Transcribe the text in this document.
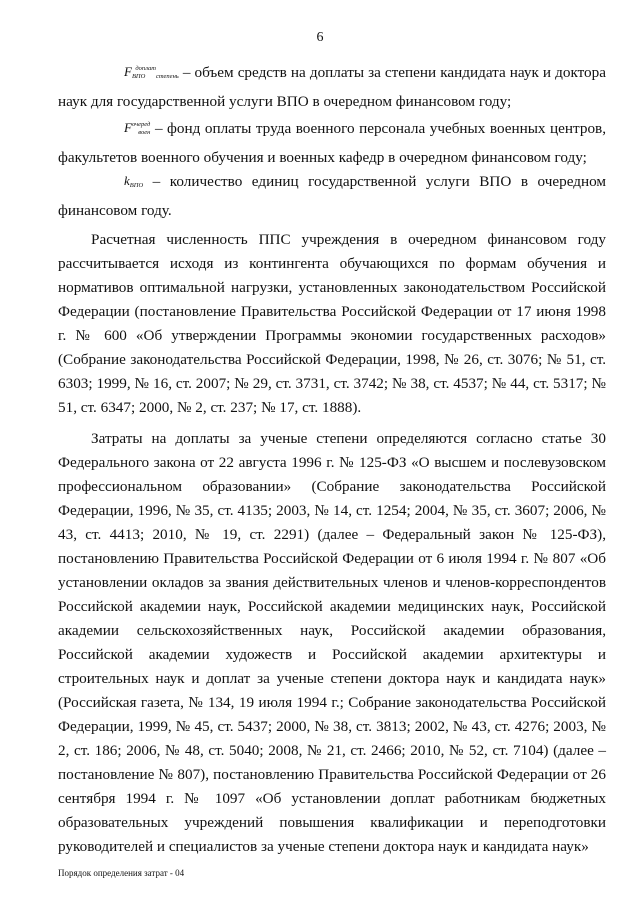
6

$F_{ВПО}^{доплат}_{степень}$ – объем средств на доплаты за степени кандидата наук и доктора наук для государственной услуги ВПО в очередном финансовом году;

$F^{очеред}_{воен}$ – фонд оплаты труда военного персонала учебных военных центров, факультетов военного обучения и военных кафедр в очередном финансовом году;

$k_{ВПО}$ – количество единиц государственной услуги ВПО в очередном финансовом году.

Расчетная численность ППС учреждения в очередном финансовом году рассчитывается исходя из контингента обучающихся по формам обучения и нормативов оптимальной нагрузки, установленных законодательством Российской Федерации (постановление Правительства Российской Федерации от 17 июня 1998 г. № 600 «Об утверждении Программы экономии государственных расходов» (Собрание законодательства Российской Федерации, 1998, № 26, ст. 3076; № 51, ст. 6303; 1999, № 16, ст. 2007; № 29, ст. 3731, ст. 3742; № 38, ст. 4537; № 44, ст. 5317; № 51, ст. 6347; 2000, № 2, ст. 237; № 17, ст. 1888).

Затраты на доплаты за ученые степени определяются согласно статье 30 Федерального закона от 22 августа 1996 г. № 125-ФЗ «О высшем и послевузовском профессиональном образовании» (Собрание законодательства Российской Федерации, 1996, № 35, ст. 4135; 2003, № 14, ст. 1254; 2004, № 35, ст. 3607; 2006, № 43, ст. 4413; 2010, № 19, ст. 2291) (далее – Федеральный закон № 125-ФЗ), постановлению Правительства Российской Федерации от 6 июля 1994 г. № 807 «Об установлении окладов за звания действительных членов и членов-корреспондентов Российской академии наук, Российской академии медицинских наук, Российской академии сельскохозяйственных наук, Российской академии образования, Российской академии художеств и Российской академии архитектуры и строительных наук и доплат за ученые степени доктора наук и кандидата наук» (Российская газета, № 134, 19 июля 1994 г.; Собрание законодательства Российской Федерации, 1999, № 45, ст. 5437; 2000, № 38, ст. 3813; 2002, № 43, ст. 4276; 2003, № 2, ст. 186; 2006, № 48, ст. 5040; 2008, № 21, ст. 2466; 2010, № 52, ст. 7104) (далее – постановление № 807), постановлению Правительства Российской Федерации от 26 сентября 1994 г. № 1097 «Об установлении доплат работникам бюджетных образовательных учреждений повышения квалификации и переподготовки руководителей и специалистов за ученые степени доктора наук и кандидата наук»

Порядок определения затрат - 04
